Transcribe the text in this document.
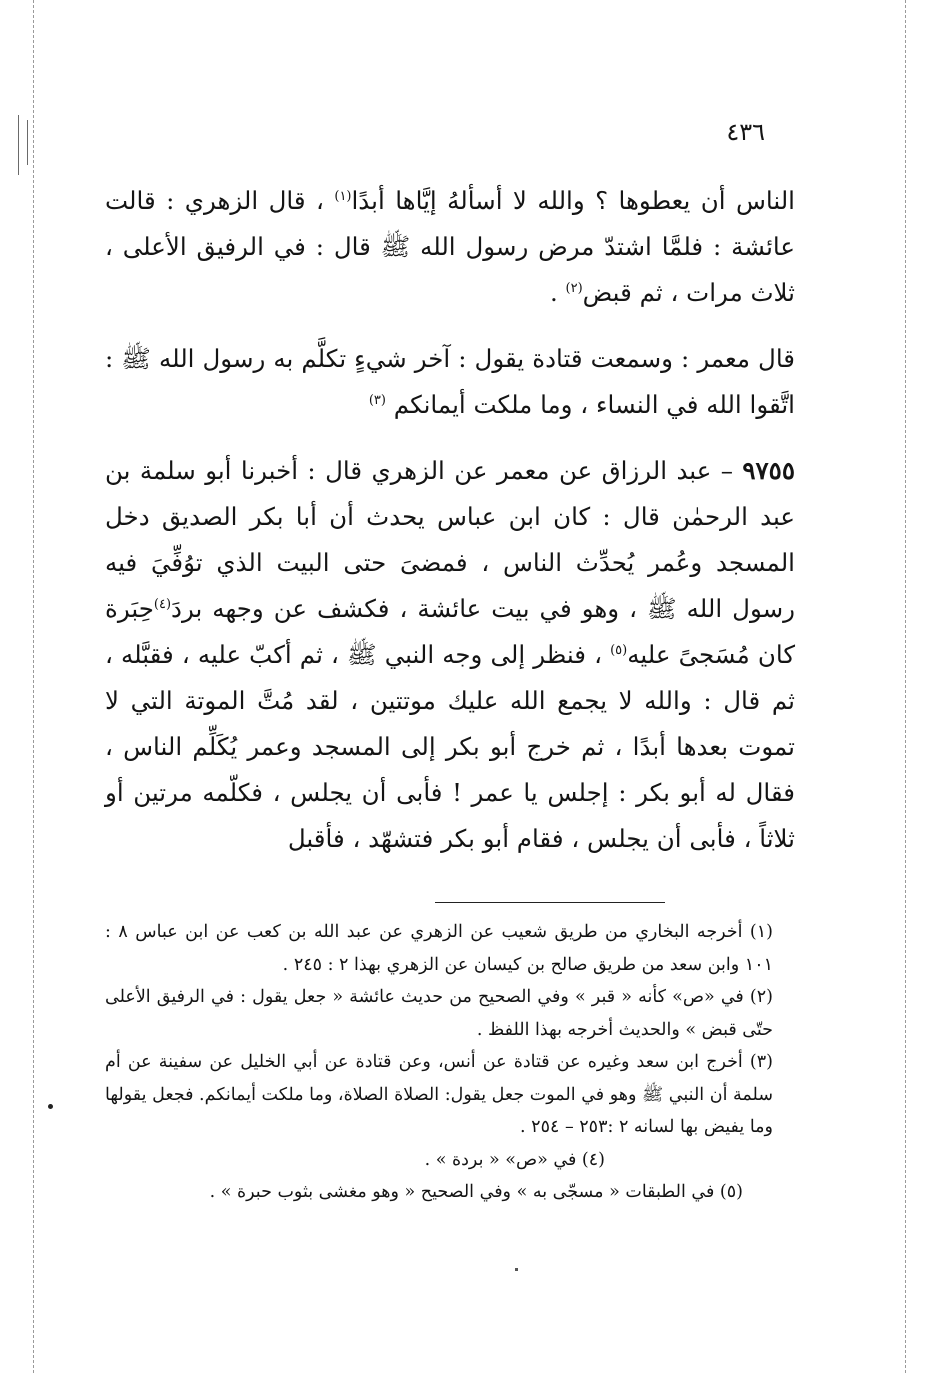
٤٣٦

الناس أن يعطوها ؟ والله لا أسألهُ إيَّاها أبدًا$^{(١)}$ ، قال الزهري : قالت عائشة : فلمَّا اشتدّ مرض رسول الله ﷺ قال : في الرفيق الأعلى ، ثلاث مرات ، ثم قبض$^{(٢)}$ .

قال معمر : وسمعت قتادة يقول : آخر شيءٍ تكلَّم به رسول الله ﷺ : اتَّقوا الله في النساء ، وما ملكت أيمانكم $^{(٣)}$

٩٧٥٥ – عبد الرزاق عن معمر عن الزهري قال : أخبرنا أبو سلمة بن عبد الرحمٰن قال : كان ابن عباس يحدث أن أبا بكر الصديق دخل المسجد وعُمر يُحدِّث الناس ، فمضىَ حتى البيت الذي توُفِّيَ فيه رسول الله ﷺ ، وهو في بيت عائشة ، فكشف عن وجهه بردَ$^{(٤)}$حِبَرة كان مُسَجىً عليه$^{(٥)}$ ، فنظر إلى وجه النبي ﷺ ، ثم أكبّ عليه ، فقبَّله ، ثم قال : والله لا يجمع الله عليك موتتين ، لقد مُتَّ الموتة التي لا تموت بعدها أبدًا ، ثم خرج أبو بكر إلى المسجد وعمر يُكَلِّم الناس ، فقال له أبو بكر : إجلس يا عمر ! فأبى أن يجلس ، فكلّمه مرتين أو ثلاثاً ، فأبى أن يجلس ، فقام أبو بكر فتشهّد ، فأقبل

(١) أخرجه البخاري من طريق شعيب عن الزهري عن عبد الله بن كعب عن ابن عباس ٨ : ١٠١ وابن سعد من طريق صالح بن كيسان عن الزهري بهذا ٢ : ٢٤٥ .

(٢) في «ص» كأنه « قبر » وفي الصحيح من حديث عائشة « جعل يقول : في الرفيق الأعلى حتّى قبض » والحديث أخرجه بهذا اللفظ .

(٣) أخرج ابن سعد وغيره عن قتادة عن أنس، وعن قتادة عن أبي الخليل عن سفينة عن أم سلمة أن النبي ﷺ وهو في الموت جعل يقول: الصلاة الصلاة، وما ملكت أيمانكم. فجعل يقولها وما يفيض بها لسانه ٢ :٢٥٣ – ٢٥٤ .

(٤) في «ص» « بردة » .

(٥) في الطبقات « مسجّى به » وفي الصحيح « وهو مغشى بثوب حبرة » .
